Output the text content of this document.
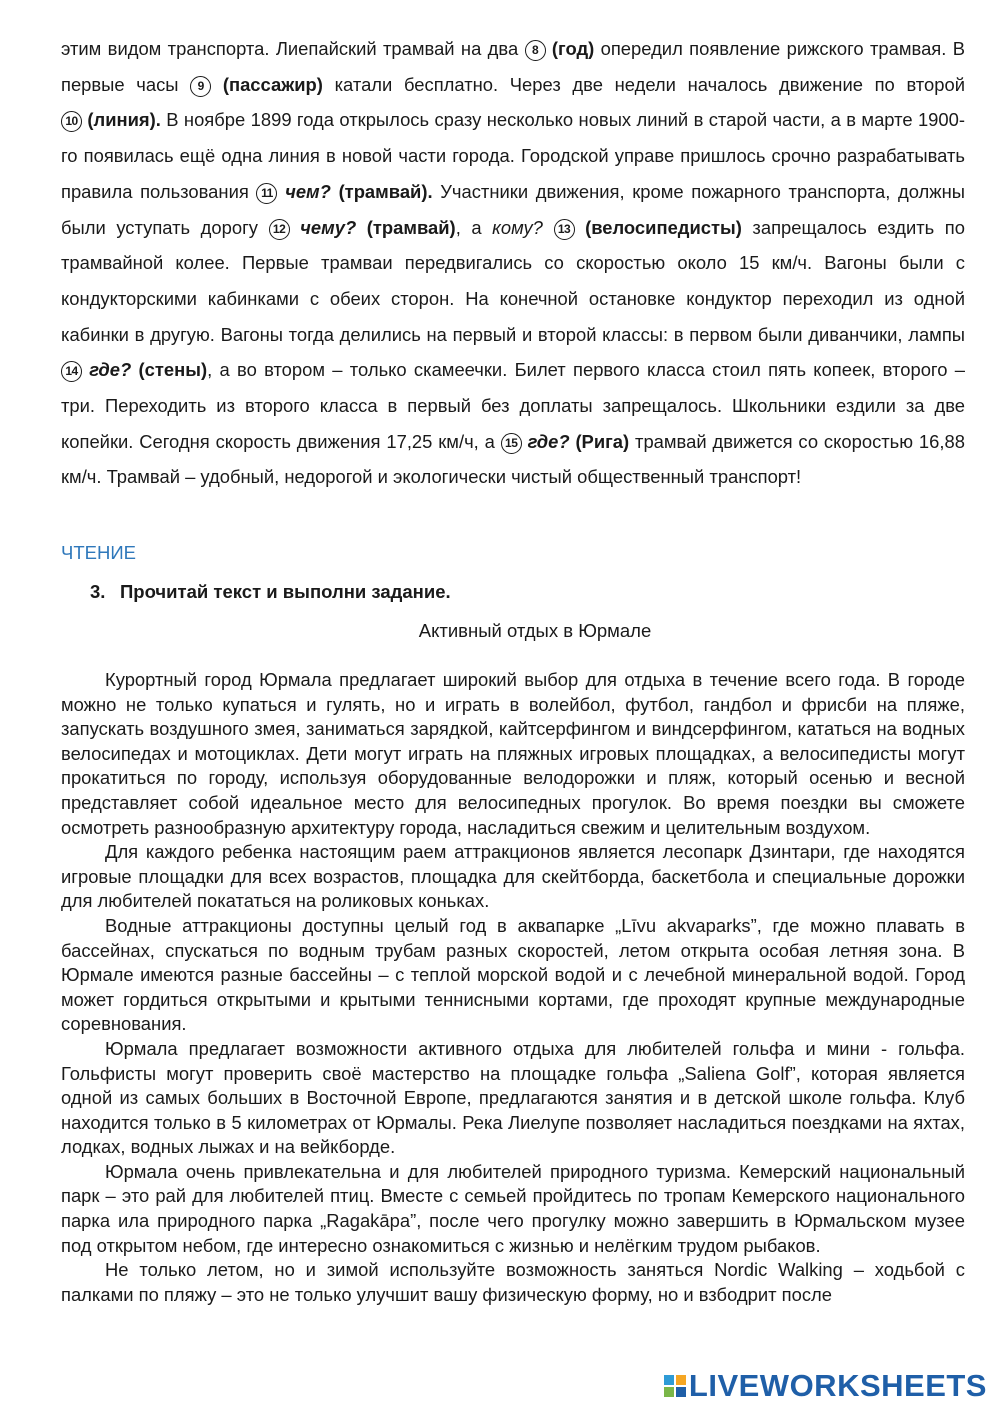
этим видом транспорта. Лиепайский трамвай на два 8 (год) опередил появление рижского трамвая. В первые часы 9 (пассажир) катали бесплатно. Через две недели началось движение по второй 10 (линия). В ноябре 1899 года открылось сразу несколько новых линий в старой части, а в марте 1900-го появилась ещё одна линия в новой части города. Городской управе пришлось срочно разрабатывать правила пользования 11 чем? (трамвай). Участники движения, кроме пожарного транспорта, должны были уступать дорогу 12 чему? (трамвай), а кому? 13 (велосипедисты) запрещалось ездить по трамвайной колее. Первые трамваи передвигались со скоростью около 15 км/ч. Вагоны были с кондукторскими кабинками с обеих сторон. На конечной остановке кондуктор переходил из одной кабинки в другую. Вагоны тогда делились на первый и второй классы: в первом были диванчики, лампы 14 где? (стены), а во втором – только скамеечки. Билет первого класса стоил пять копеек, второго – три. Переходить из второго класса в первый без доплаты запрещалось. Школьники ездили за две копейки. Сегодня скорость движения 17,25 км/ч, а 15 где? (Рига) трамвай движется со скоростью 16,88 км/ч. Трамвай – удобный, недорогой и экологически чистый общественный транспорт!

ЧТЕНИЕ

3. Прочитай текст и выполни задание.

Активный отдых в Юрмале

Курортный город Юрмала предлагает широкий выбор для отдыха в течение всего года. В городе можно не только купаться и гулять, но и играть в волейбол, футбол, гандбол и фрисби на пляже, запускать воздушного змея, заниматься зарядкой, кайтсерфингом и виндсерфингом, кататься на водных велосипедах и мотоциклах. Дети могут играть на пляжных игровых площадках, а велосипедисты могут прокатиться по городу, используя оборудованные велодорожки и пляж, который осенью и весной представляет собой идеальное место для велосипедных прогулок. Во время поездки вы сможете осмотреть разнообразную архитектуру города, насладиться свежим и целительным воздухом.

Для каждого ребенка настоящим раем аттракционов является лесопарк Дзинтари, где находятся игровые площадки для всех возрастов, площадка для скейтборда, баскетбола и специальные дорожки для любителей покататься на роликовых коньках.

Водные аттракционы доступны целый год в аквапарке „Līvu akvaparks”, где можно плавать в бассейнах, спускаться по водным трубам разных скоростей, летом открыта особая летняя зона. В Юрмале имеются разные бассейны – с теплой морской водой и с лечебной минеральной водой. Город может гордиться открытыми и крытыми теннисными кортами, где проходят крупные международные соревнования.

Юрмала предлагает возможности активного отдыха для любителей гольфа и мини - гольфа. Гольфисты могут проверить своё мастерство на площадке гольфа „Saliena Golf”, которая является одной из самых больших в Восточной Европе, предлагаются занятия и в детской школе гольфа. Клуб находится только в 5 километрах от Юрмалы. Река Лиелупе позволяет насладиться поездками на яхтах, лодках, водных лыжах и на вейкборде.

Юрмала очень привлекательна и для любителей природного туризма. Кемерский национальный парк – это рай для любителей птиц. Вместе с семьей пройдитесь по тропам Кемерского национального парка ила природного парка „Ragakāpa”, после чего прогулку можно завершить в Юрмальском музее под открытом небом, где интересно ознакомиться с жизнью и нелёгким трудом рыбаков.

Не только летом, но и зимой используйте возможность заняться Nordic Walking – ходьбой с палками по пляжу – это не только улучшит вашу физическую форму, но и взбодрит после

LIVEWORKSHEETS
